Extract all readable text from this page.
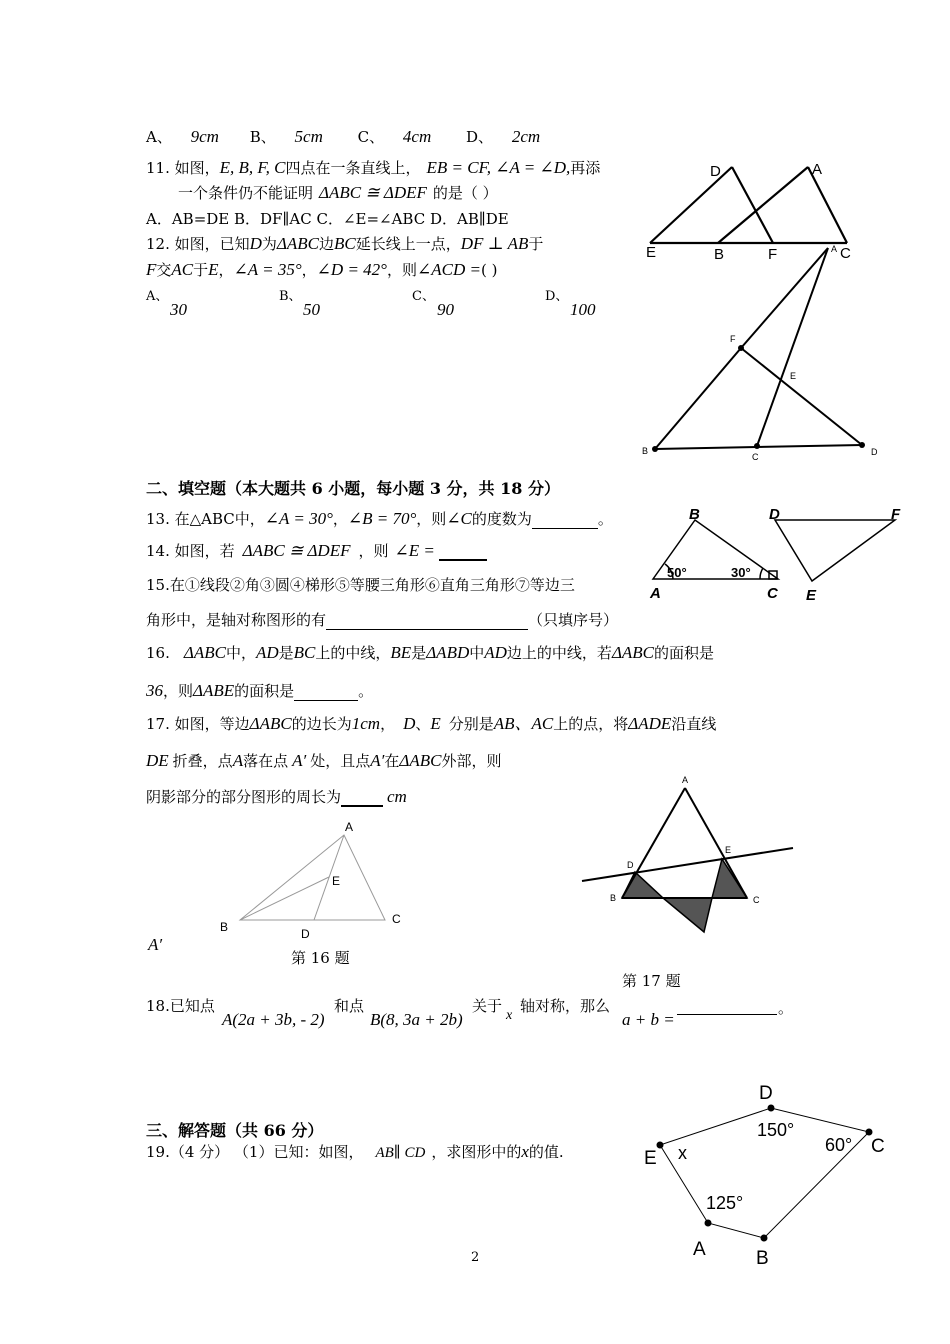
A、 9cm B、 5cm C、 4cm D、 2cm
11. 如图，E, B, F, C四点在一条直线上， EB = CF, ∠A = ∠D,再添
一个条件仍不能证明 ΔABC ≅ ΔDEF 的是（ ）
A．AB=DE B．DF∥AC C．∠E=∠ABC D．AB∥DE
D	A
E	B	F	C
12. 如图，已知D为ΔABC边BC延长线上一点，DF ⊥ AB于
F交AC于E，∠A = 35°，∠D = 42°，则∠ACD =( )
A、
30
B、
50
C、
90
D、
100
A
F
E
B
C	D
二、填空题（本大题共 6 小题，每小题 3 分，共 18 分）
13. 在△ABC中，∠A = 30°，∠B = 70°，则∠C的度数为	。
14. 如图，若 ΔABC ≅ ΔDEF ，则 ∠E =
B
A	C
50°	30°
D	F
E
15.在①线段②角③圆④梯形⑤等腰三角形⑥直角三角形⑦等边三
角形中，是轴对称图形的有	（只填序号）
16. ΔABC中，AD是BC上的中线，BE是ΔABD中AD边上的中线，若ΔABC的面积是
36，则ΔABE的面积是	。
17. 如图，等边ΔABC的边长为1cm， D、E 分别是AB、AC上的点，将ΔADE沿直线
DE 折叠，点A落在点 A′ 处，且点A′在ΔABC外部，则
阴影部分的部分图形的周长为	cm
A
E
B	D
C
A′
第 16 题
A
D
E
B	C
第 17 题
18.已知点
A(2a + 3b, - 2)
和点
B(8, 3a + 2b)
关于
x
轴对称，那么
a + b =
。
三、解答题（共 66 分）
19.（4 分） （1）已知：如图， AB∥ CD ，求图形中的x的值.
D
150°
60° C
E x
125°
A	B
2
